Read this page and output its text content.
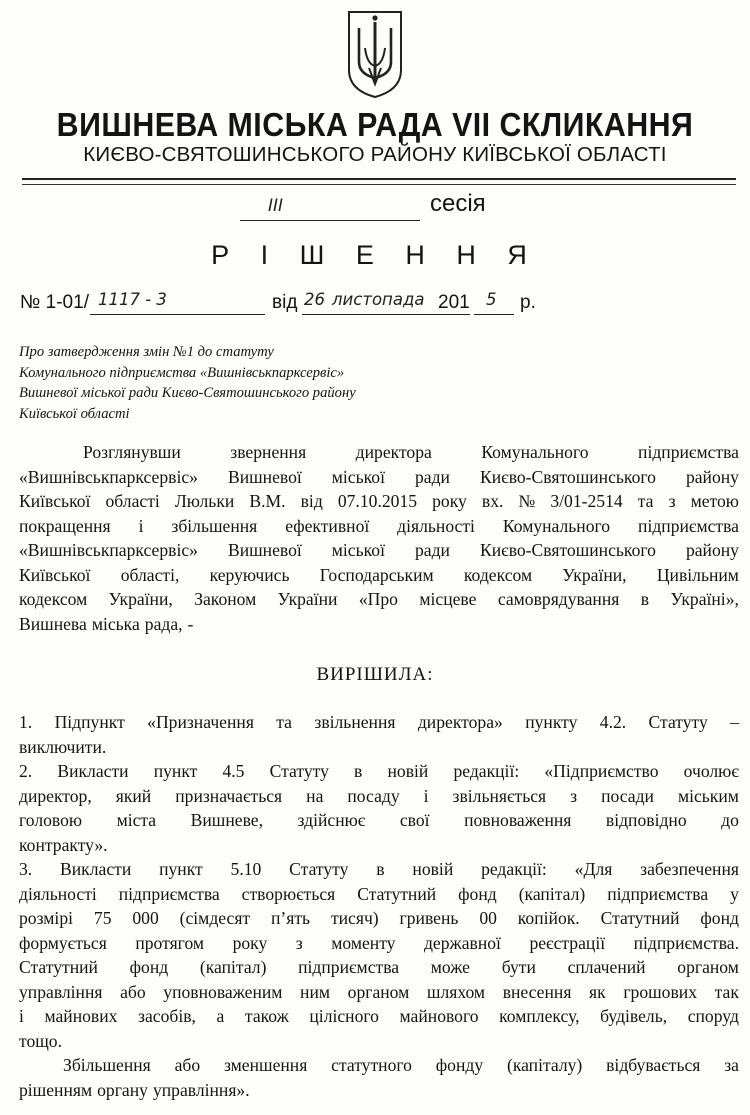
ВИШНЕВА МІСЬКА РАДА VII СКЛИКАННЯ
КИЄВО-СВЯТОШИНСЬКОГО РАЙОНУ КИЇВСЬКОЇ ОБЛАСТІ
III	сесія
Р І Ш Е Н Н Я
№ 1-01/ 1117 - 3	від 26 листопада 201 5 р.
Про затвердження змін №1 до статуту
Комунального підприємства «Вишнівськпарксервіс»
Вишневої міської ради Києво-Святошинського району
Київської області
Розглянувши	звернення	директора	Комунального	підприємства
«Вишнівськпарксервіс» Вишневої міської ради Києво-Святошинського району
Київської області Люльки В.М. від 07.10.2015 року вх. № 3/01-2514 та з метою
покращення і збільшення ефективної діяльності Комунального підприємства
«Вишнівськпарксервіс» Вишневої міської ради Києво-Святошинського району
Київської області, керуючись Господарським кодексом України, Цивільним
кодексом України, Законом України «Про місцеве самоврядування в Україні»,
Вишнева міська рада, -
ВИРІШИЛА:
1. Підпункт «Призначення та звільнення директора» пункту 4.2. Статуту –
виключити.
2. Викласти пункт 4.5 Статуту в новій редакції: «Підприємство очолює
директор, який призначається на посаду і звільняється з посади міським
головою міста Вишневе, здійснює свої повноваження відповідно до
контракту».
3. Викласти пункт 5.10 Статуту в новій редакції: «Для забезпечення
діяльності підприємства створюється Статутний фонд (капітал) підприємства у
розмірі 75 000 (сімдесят п’ять тисяч) гривень 00 копійок. Статутний фонд
формується протягом року з моменту державної реєстрації підприємства.
Статутний фонд (капітал) підприємства може бути сплачений органом
управління або уповноваженим ним органом шляхом внесення як грошових так
і майнових засобів, а також цілісного майнового комплексу, будівель, споруд
тощо.
Збільшення або зменшення статутного фонду (капіталу) відбувається за
рішенням органу управління».
